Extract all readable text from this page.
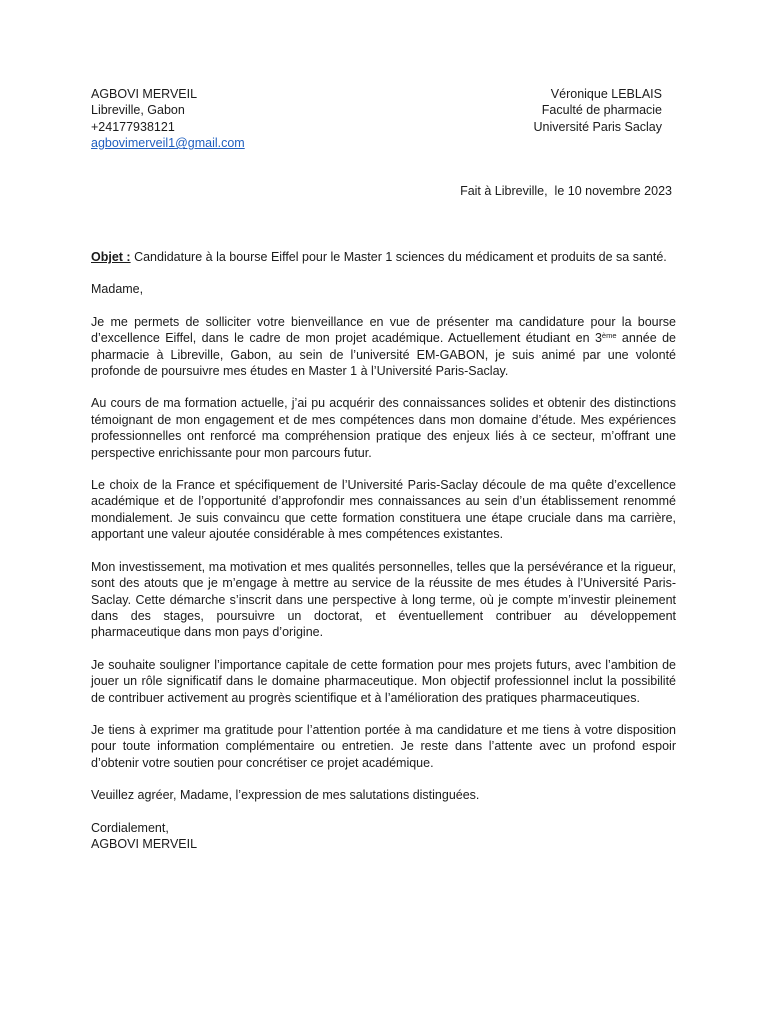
AGBOVI MERVEIL
Libreville, Gabon
+24177938121
agbovimerveil1@gmail.com
Véronique LEBLAIS
Faculté de pharmacie
Université Paris Saclay
Fait à Libreville,  le 10 novembre 2023

Objet : Candidature à la bourse Eiffel pour le Master 1 sciences du médicament et produits de sa santé.

Madame,

Je me permets de solliciter votre bienveillance en vue de présenter ma candidature pour la bourse d’excellence Eiffel, dans le cadre de mon projet académique. Actuellement étudiant en 3ème année de pharmacie à Libreville, Gabon, au sein de l’université EM-GABON, je suis animé par une volonté profonde de poursuivre mes études en Master 1 à l’Université Paris-Saclay.

Au cours de ma formation actuelle, j’ai pu acquérir des connaissances solides et obtenir des distinctions témoignant de mon engagement et de mes compétences dans mon domaine d’étude. Mes expériences professionnelles ont renforcé ma compréhension pratique des enjeux liés à ce secteur, m’offrant une perspective enrichissante pour mon parcours futur.

Le choix de la France et spécifiquement de l’Université Paris-Saclay découle de ma quête d’excellence académique et de l’opportunité d’approfondir mes connaissances au sein d’un établissement renommé mondialement. Je suis convaincu que cette formation constituera une étape cruciale dans ma carrière, apportant une valeur ajoutée considérable à mes compétences existantes.

Mon investissement, ma motivation et mes qualités personnelles, telles que la persévérance et la rigueur, sont des atouts que je m’engage à mettre au service de la réussite de mes études à l’Université Paris-Saclay. Cette démarche s’inscrit dans une perspective à long terme, où je compte m’investir pleinement dans des stages, poursuivre un doctorat, et éventuellement contribuer au développement pharmaceutique dans mon pays d’origine.

Je souhaite souligner l’importance capitale de cette formation pour mes projets futurs, avec l’ambition de jouer un rôle significatif dans le domaine pharmaceutique. Mon objectif professionnel inclut la possibilité de contribuer activement au progrès scientifique et à l’amélioration des pratiques pharmaceutiques.

Je tiens à exprimer ma gratitude pour l’attention portée à ma candidature et me tiens à votre disposition pour toute information complémentaire ou entretien. Je reste dans l’attente avec un profond espoir d’obtenir votre soutien pour concrétiser ce projet académique.

Veuillez agréer, Madame, l’expression de mes salutations distinguées.

Cordialement,
AGBOVI MERVEIL
